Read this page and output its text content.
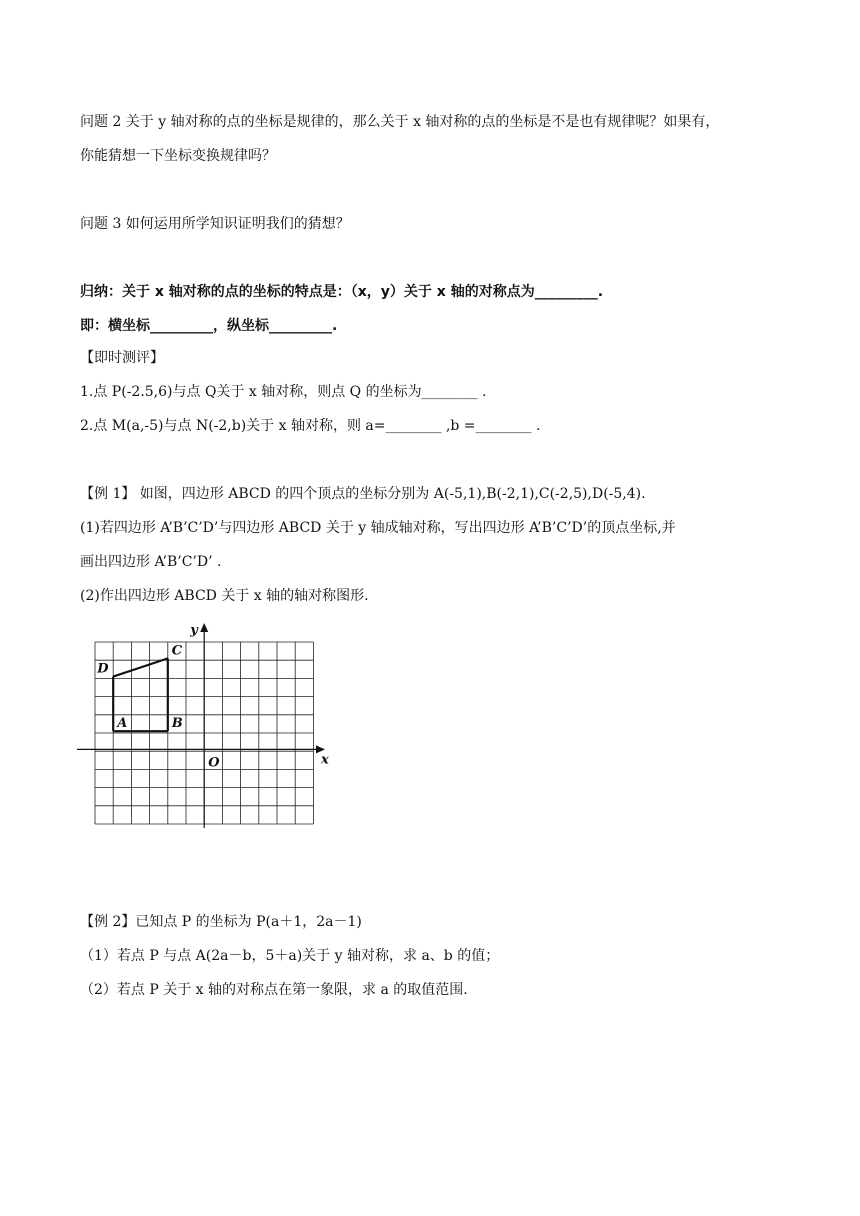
问题 2 关于 y 轴对称的点的坐标是规律的，那么关于 x 轴对称的点的坐标是不是也有规律呢？如果有，
你能猜想一下坐标变换规律吗？
问题 3 如何运用所学知识证明我们的猜想？
归纳：关于 x 轴对称的点的坐标的特点是：（x，y）关于 x 轴的对称点为_________.
即：横坐标_________，纵坐标_________.
【即时测评】
1.点 P(-2.5,6)与点 Q关于 x 轴对称，则点 Q 的坐标为________ .
2.点 M(a,-5)与点 N(-2,b)关于 x 轴对称，则 a=________ ,b =________ .
【例 1】 如图，四边形 ABCD 的四个顶点的坐标分别为 A(-5,1),B(-2,1),C(-2,5),D(-5,4).
(1)若四边形 A’B’C’D’与四边形 ABCD 关于 y 轴成轴对称，写出四边形 A’B’C’D’的顶点坐标,并
画出四边形 A’B’C’D’ .
(2)作出四边形 ABCD 关于 x 轴的轴对称图形.
x
y
O
A	B
C
D
【例 2】已知点 P 的坐标为 P(a＋1，2a－1)
（1）若点 P 与点 A(2a－b，5＋a)关于 y 轴对称，求 a、b 的值；
（2）若点 P 关于 x 轴的对称点在第一象限，求 a 的取值范围.
